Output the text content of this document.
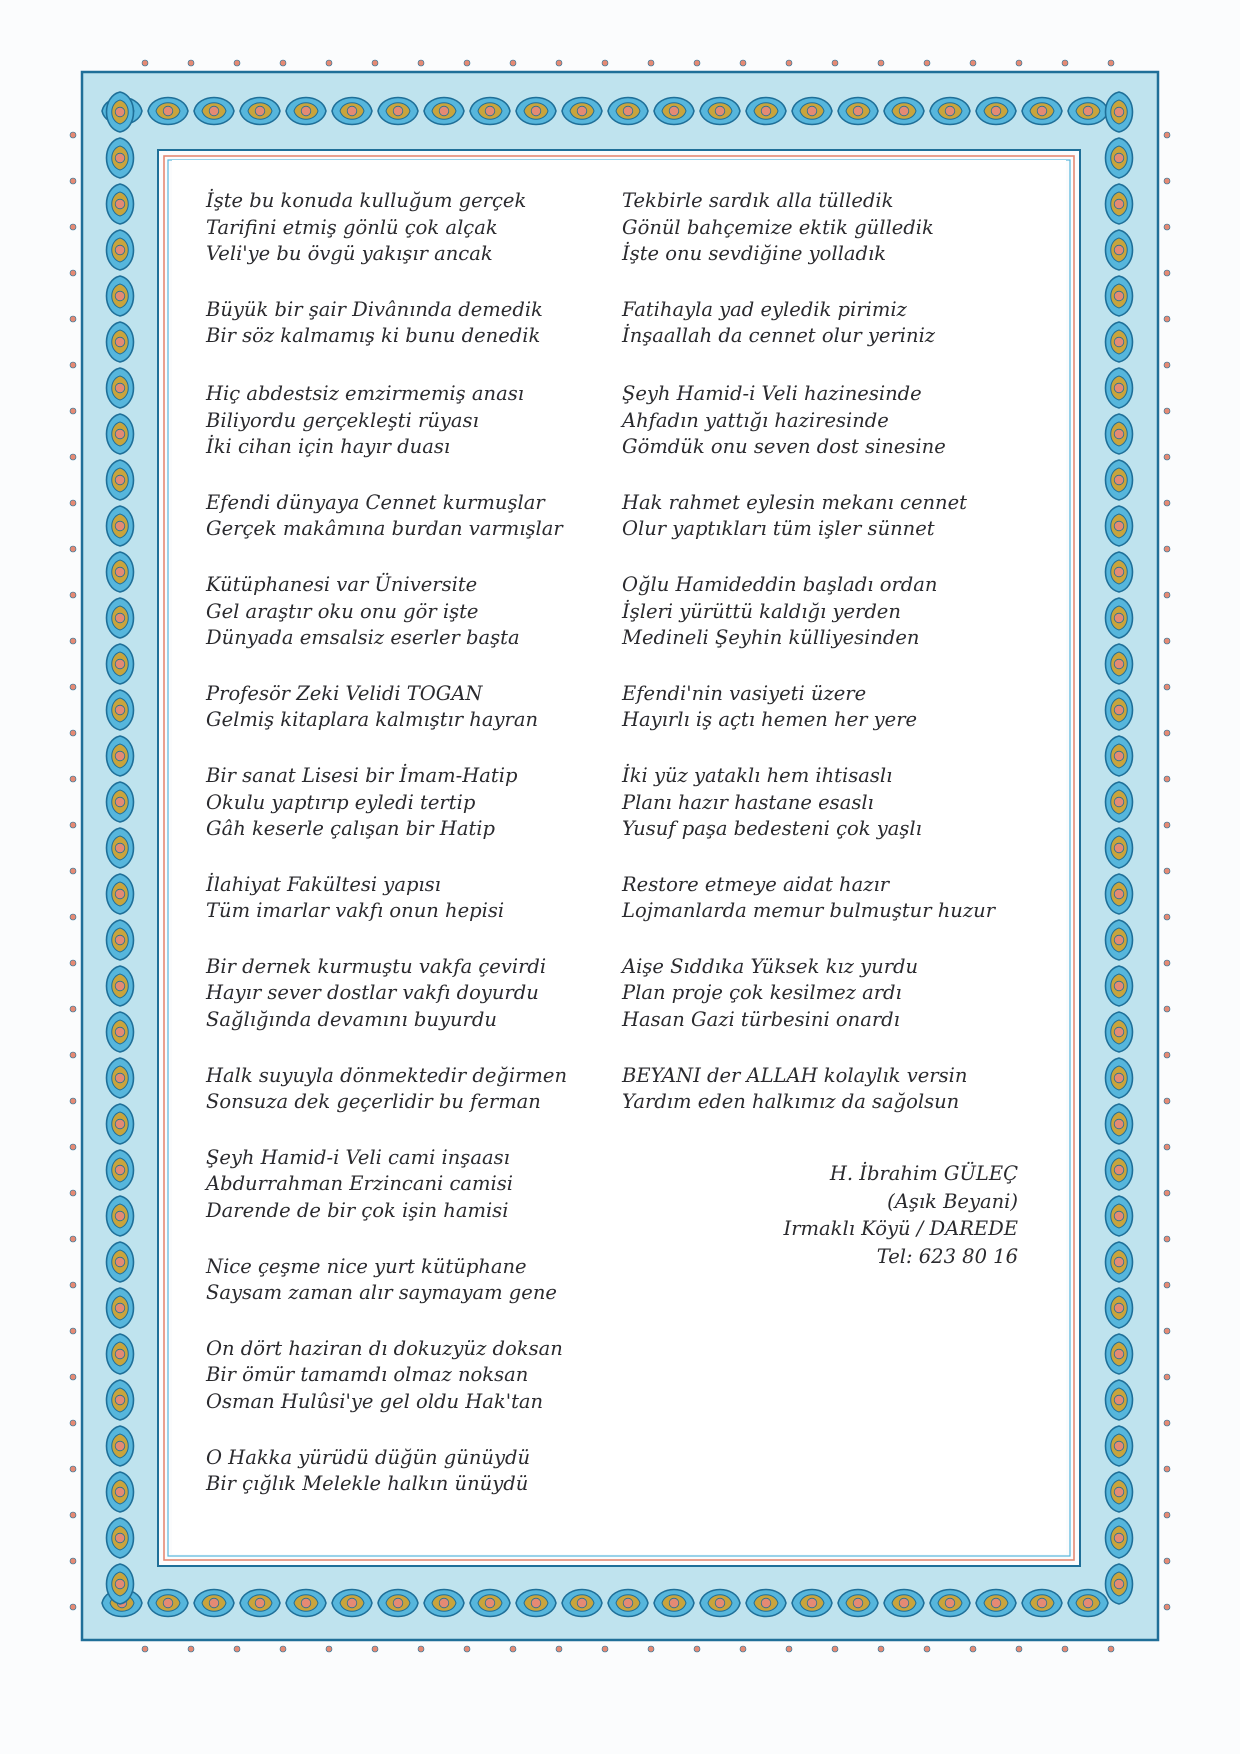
İşte bu konuda kulluğum gerçek
Tarifini etmiş gönlü çok alçak
Veli'ye bu övgü yakışır ancak
Büyük bir şair Divânında demedik
Bir söz kalmamış ki bunu denedik
Hiç abdestsiz emzirmemiş anası
Biliyordu gerçekleşti rüyası
İki cihan için hayır duası
Efendi dünyaya Cennet kurmuşlar
Gerçek makâmına burdan varmışlar
Kütüphanesi var Üniversite
Gel araştır oku onu gör işte
Dünyada emsalsiz eserler başta
Profesör Zeki Velidi TOGAN
Gelmiş kitaplara kalmıştır hayran
Bir sanat Lisesi bir İmam-Hatip
Okulu yaptırıp eyledi tertip
Gâh keserle çalışan bir Hatip
İlahiyat Fakültesi yapısı
Tüm imarlar vakfı onun hepisi
Bir dernek kurmuştu vakfa çevirdi
Hayır sever dostlar vakfı doyurdu
Sağlığında devamını buyurdu
Halk suyuyla dönmektedir değirmen
Sonsuza dek geçerlidir bu ferman
Şeyh Hamid-i Veli cami inşaası
Abdurrahman Erzincani camisi
Darende de bir çok işin hamisi
Nice çeşme nice yurt kütüphane
Saysam zaman alır saymayam gene
On dört haziran dı dokuzyüz doksan
Bir ömür tamamdı olmaz noksan
Osman Hulûsi'ye gel oldu Hak'tan
O Hakka yürüdü düğün günüydü
Bir çığlık Melekle halkın ünüydü
Tekbirle sardık alla tülledik
Gönül bahçemize ektik gülledik
İşte onu sevdiğine yolladık
Fatihayla yad eyledik pirimiz
İnşaallah da cennet olur yeriniz
Şeyh Hamid-i Veli hazinesinde
Ahfadın yattığı haziresinde
Gömdük onu seven dost sinesine
Hak rahmet eylesin mekanı cennet
Olur yaptıkları tüm işler sünnet
Oğlu Hamideddin başladı ordan
İşleri yürüttü kaldığı yerden
Medineli Şeyhin külliyesinden
Efendi'nin vasiyeti üzere
Hayırlı iş açtı hemen her yere
İki yüz yataklı hem ihtisaslı
Planı hazır hastane esaslı
Yusuf paşa bedesteni çok yaşlı
Restore etmeye aidat hazır
Lojmanlarda memur bulmuştur huzur
Aişe Sıddıka Yüksek kız yurdu
Plan proje çok kesilmez ardı
Hasan Gazi türbesini onardı
BEYANI der ALLAH kolaylık versin
Yardım eden halkımız da sağolsun
H. İbrahim GÜLEÇ
(Aşık Beyani)
Irmaklı Köyü / DAREDE
Tel: 623 80 16
